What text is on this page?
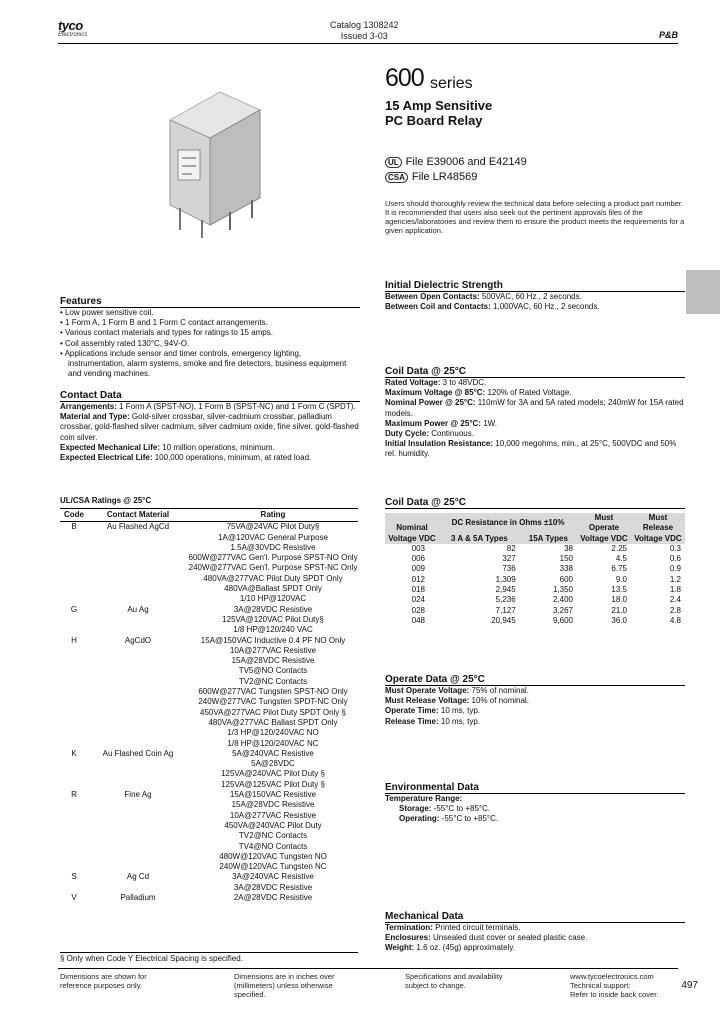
tyco
Electronics
Catalog 1308242
Issued 3-03	P&B
600 series
15 Amp Sensitive
PC Board Relay
UL File E39006 and E42149
CSA File LR48569
Users should thoroughly review the technical data before selecting a product part number. It is recommended that users also seek out the pertinent approvals files of the agencies/laboratories and review them to ensure the product meets the requirements for a given application.
Features
• Low power sensitive coil.
• 1 Form A, 1 Form B and 1 Form C contact arrangements.
• Various contact materials and types for ratings to 15 amps.
• Coil assembly rated 130°C, 94V-O.
• Applications include sensor and timer controls, emergency lighting, instrumentation, alarm systems, smoke and fire detectors, business equipment and vending machines.
Contact Data

Arrangements: 1 Form A (SPST-NO), 1 Form B (SPST-NC) and 1 Form C (SPDT).

Material and Type: Gold-silver crossbar, silver-cadmium crossbar, palladium crossbar, gold-flashed silver cadmium, silver cadmium oxide, fine silver, gold-flashed coin silver.

Expected Mechanical Life: 10 million operations, minimum.

Expected Electrical Life: 100,000 operations, minimum, at rated load.

UL/CSA Ratings @ 25°C
Code	Contact Material	Rating
B	Au Flashed AgCd	75VA@24VAC Pilot Duty§
		1A@120VAC General Purpose
		1.5A@30VDC Resistive
		600W@277VAC Gen'l. Purpose SPST-NO Only
		240W@277VAC Gen'l. Purpose SPST-NC Only
		480VA@277VAC Pilot Duty SPDT Only
		480VA@Ballast SPDT Only
		1/10 HP@120VAC
G	Au Ag	3A@28VDC Resistive
		125VA@120VAC Pilot Duty§
		1/8 HP@120/240 VAC
H	AgCdO	15A@150VAC Inductive 0.4 PF NO Only
		10A@277VAC Resistive
		15A@28VDC Resistive
		TV5@NO Contacts
		TV2@NC Contacts
		600W@277VAC Tungsten SPST-NO Only
		240W@277VAC Tungsten SPDT-NC Only
		450VA@277VAC Pilot Duty SPDT Only §
		480VA@277VAC Ballast SPDT Only
		1/3 HP@120/240VAC NO
		1/8 HP@120/240VAC NC
K	Au Flashed Coin Ag	5A@240VAC Resistive
		5A@28VDC
		125VA@240VAC Pilot Duty §
		125VA@125VAC Pilot Duty §
R	Fine Ag	15A@150VAC Resistive
		15A@28VDC Resistive
		10A@277VAC Resistive
		450VA@240VAC Pilot Duty
		TV2@NC Contacts
		TV4@NO Contacts
		480W@120VAC Tungsten NO
		240W@120VAC Tungsten NC
S	Ag Cd	3A@240VAC Resistive
		3A@28VDC Resistive
V	Palladium	2A@28VDC Resistive
§ Only when Code Y Electrical Spacing is specified.
Initial Dielectric Strength
Between Open Contacts: 500VAC, 60 Hz., 2 seconds.
Between Coil and Contacts: 1,000VAC, 60 Hz., 2 seconds.
Coil Data @ 25°C
Rated Voltage: 3 to 48VDC.
Maximum Voltage @ 85°C: 120% of Rated Voltage.
Nominal Power @ 25°C: 110mW for 3A and 5A rated models; 240mW for 15A rated models.
Maximum Power @ 25°C: 1W.
Duty Cycle: Continuous.
Initial Insulation Resistance: 10,000 megohms, min., at 25°C, 500VDC and 50% rel. humidity.
Coil Data @ 25°C
Nominal Voltage VDC	DC Resistance in Ohms ±10%		Must Operate Voltage VDC	Must Release Voltage VDC
	3 A & 5A Types	15A Types		
003	82	38	2.25	0.3
006	327	150	4.5	0.6
009	736	338	6.75	0.9
012	1,309	600	9.0	1.2
018	2,945	1,350	13.5	1.8
024	5,236	2,400	18.0	2.4
028	7,127	3,267	21.0	2.8
048	20,945	9,600	36.0	4.8
Operate Data @ 25°C
Must Operate Voltage: 75% of nominal.
Must Release Voltage: 10% of nominal.
Operate Time: 10 ms, typ.
Release Time: 10 ms, typ.
Environmental Data
Temperature Range:
Storage: -55°C to +85°C.
Operating: -55°C to +85°C.
Mechanical Data
Termination: Printed circuit terminals.
Enclosures: Unsealed dust cover or sealed plastic case.
Weight: 1.6 oz. (45g) approximately.
Dimensions are shown for
reference purposes only.
Dimensions are in inches over
(millimeters) unless otherwise
specified.
Specifications and availability
subject to change.
www.tycoelectronics.com
Technical support:
Refer to inside back cover.
497
